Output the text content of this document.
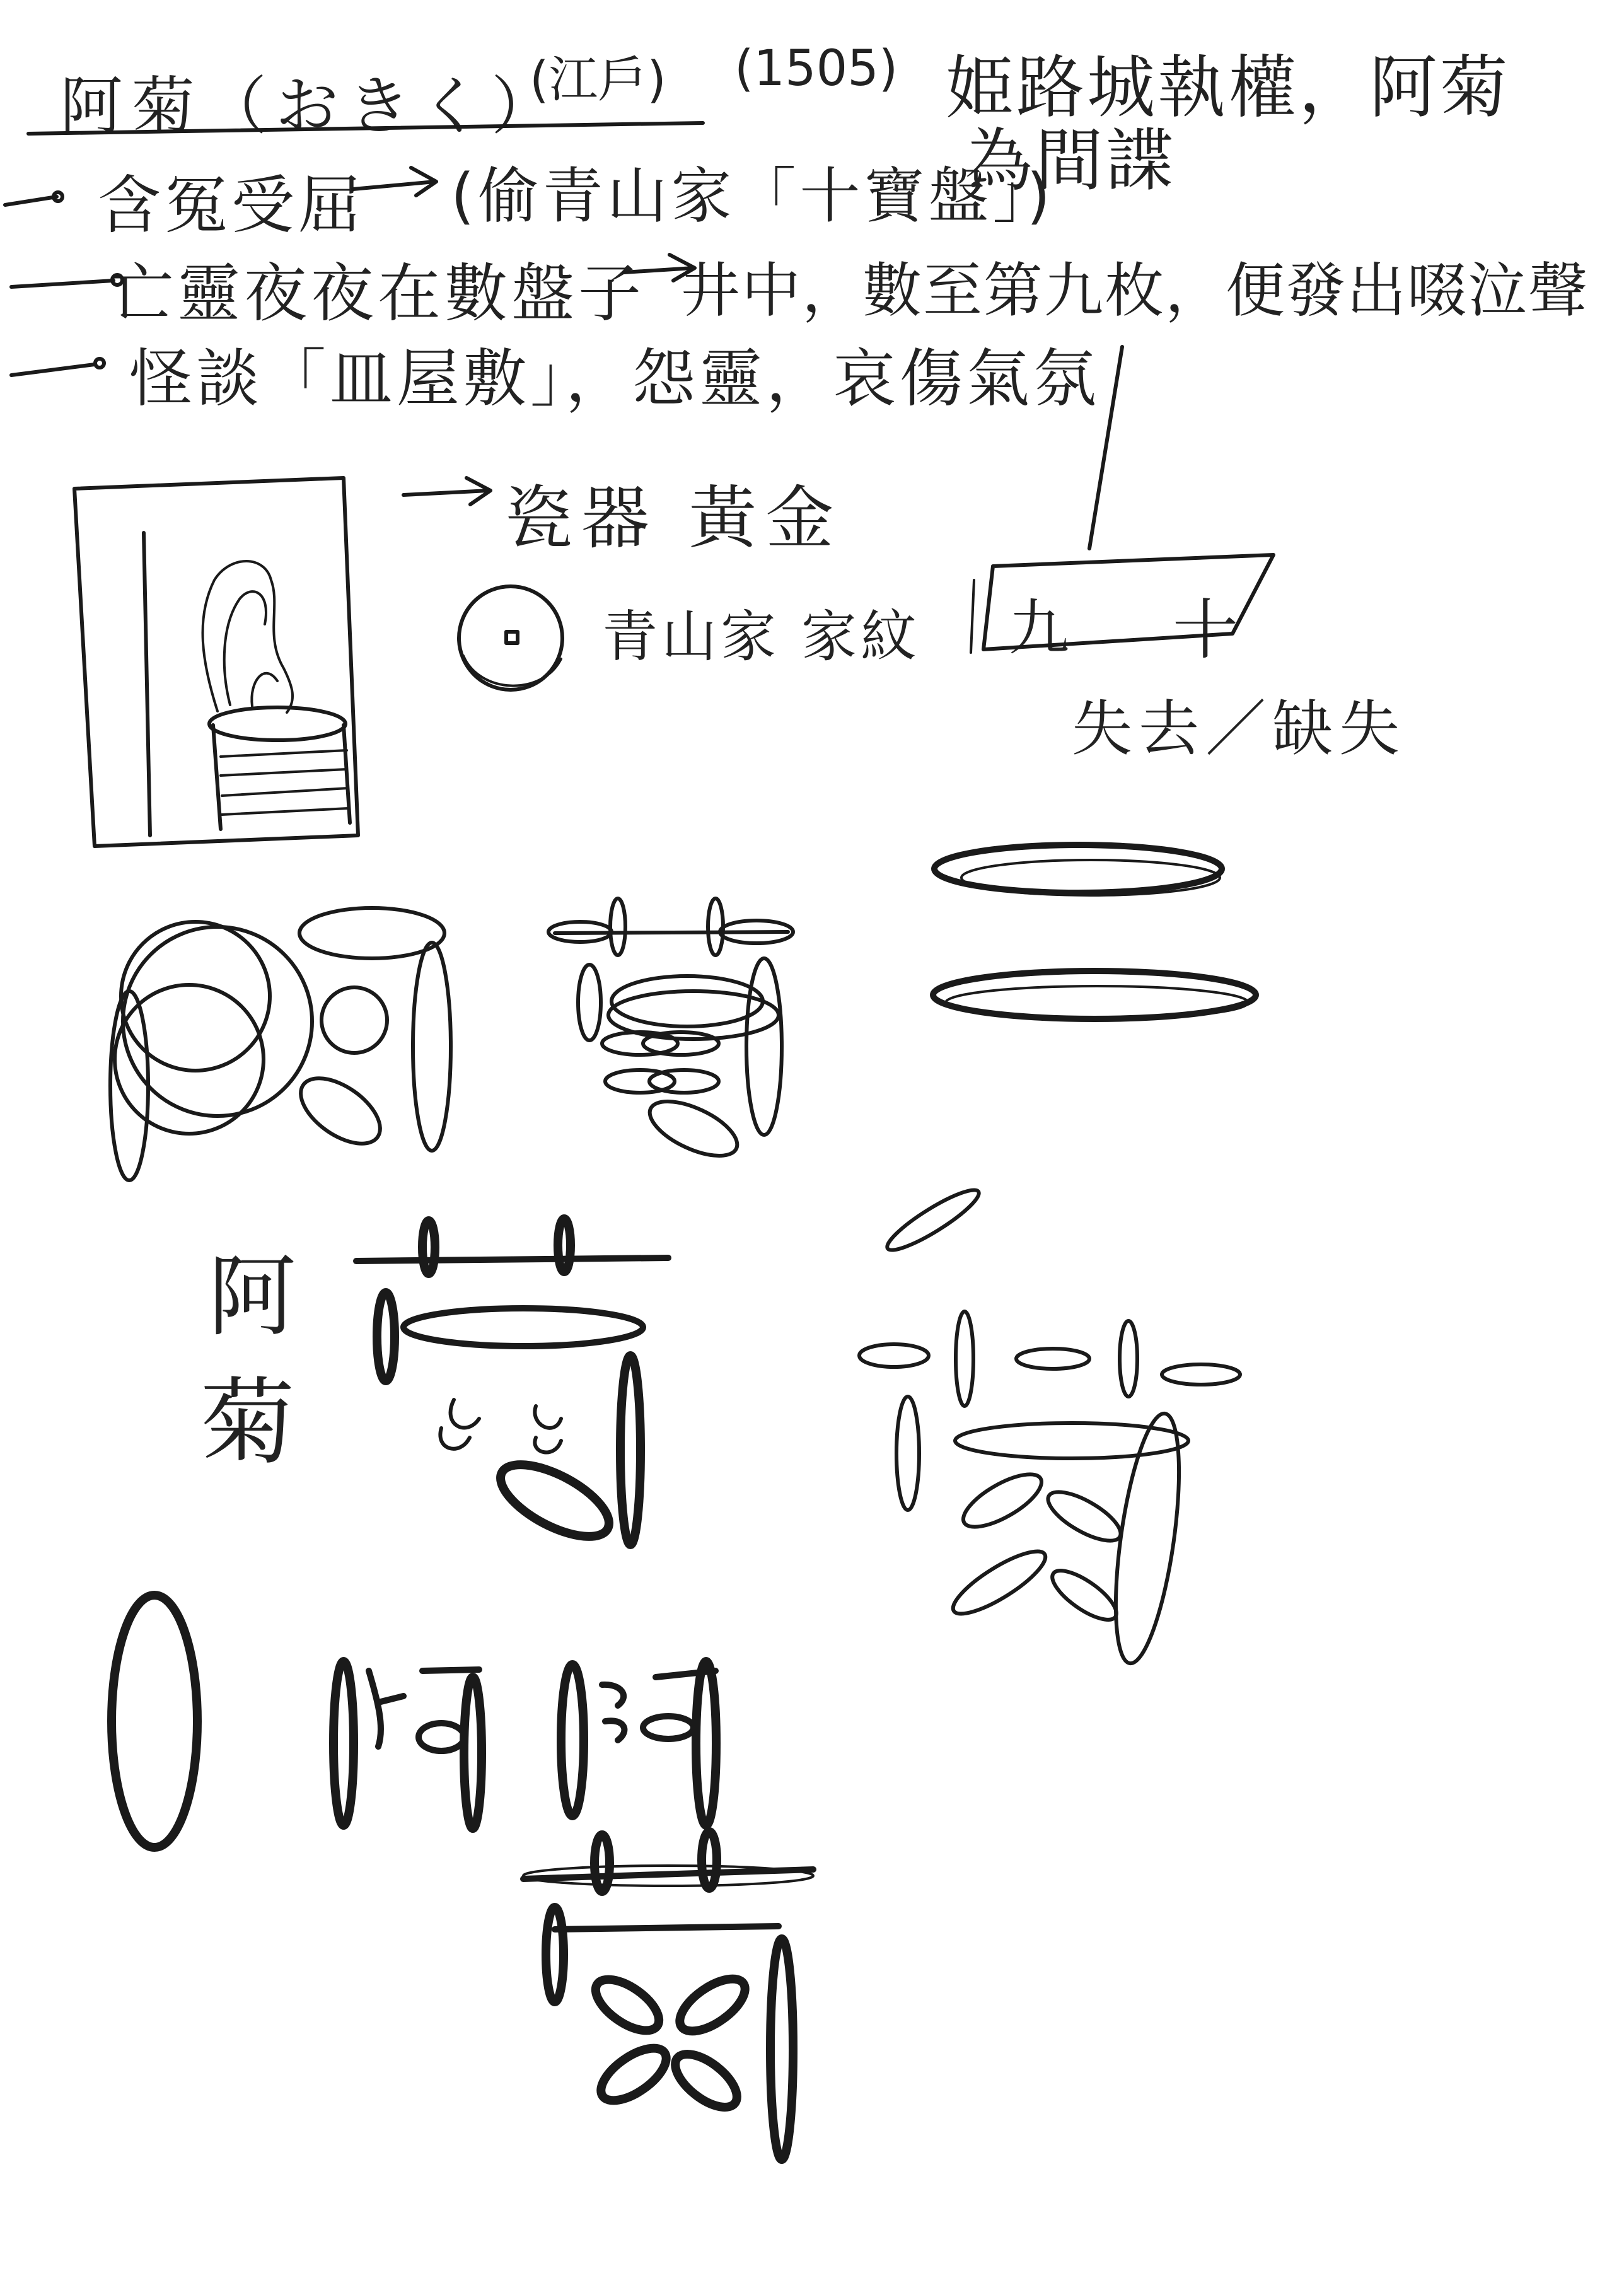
阿菊（おきく）
(江戶) (1505) 姫路城執權，阿菊
為間諜
含冤受屈 (偷青山家「十寶盤」)
亡靈夜夜在數盤子 井中，數至第九枚，便發出啜泣聲
怪談「皿屋敷」，怨靈，哀傷氣氛
瓷器 黃金
青山家 家紋 九 十
失去／缺失
阿
菊
